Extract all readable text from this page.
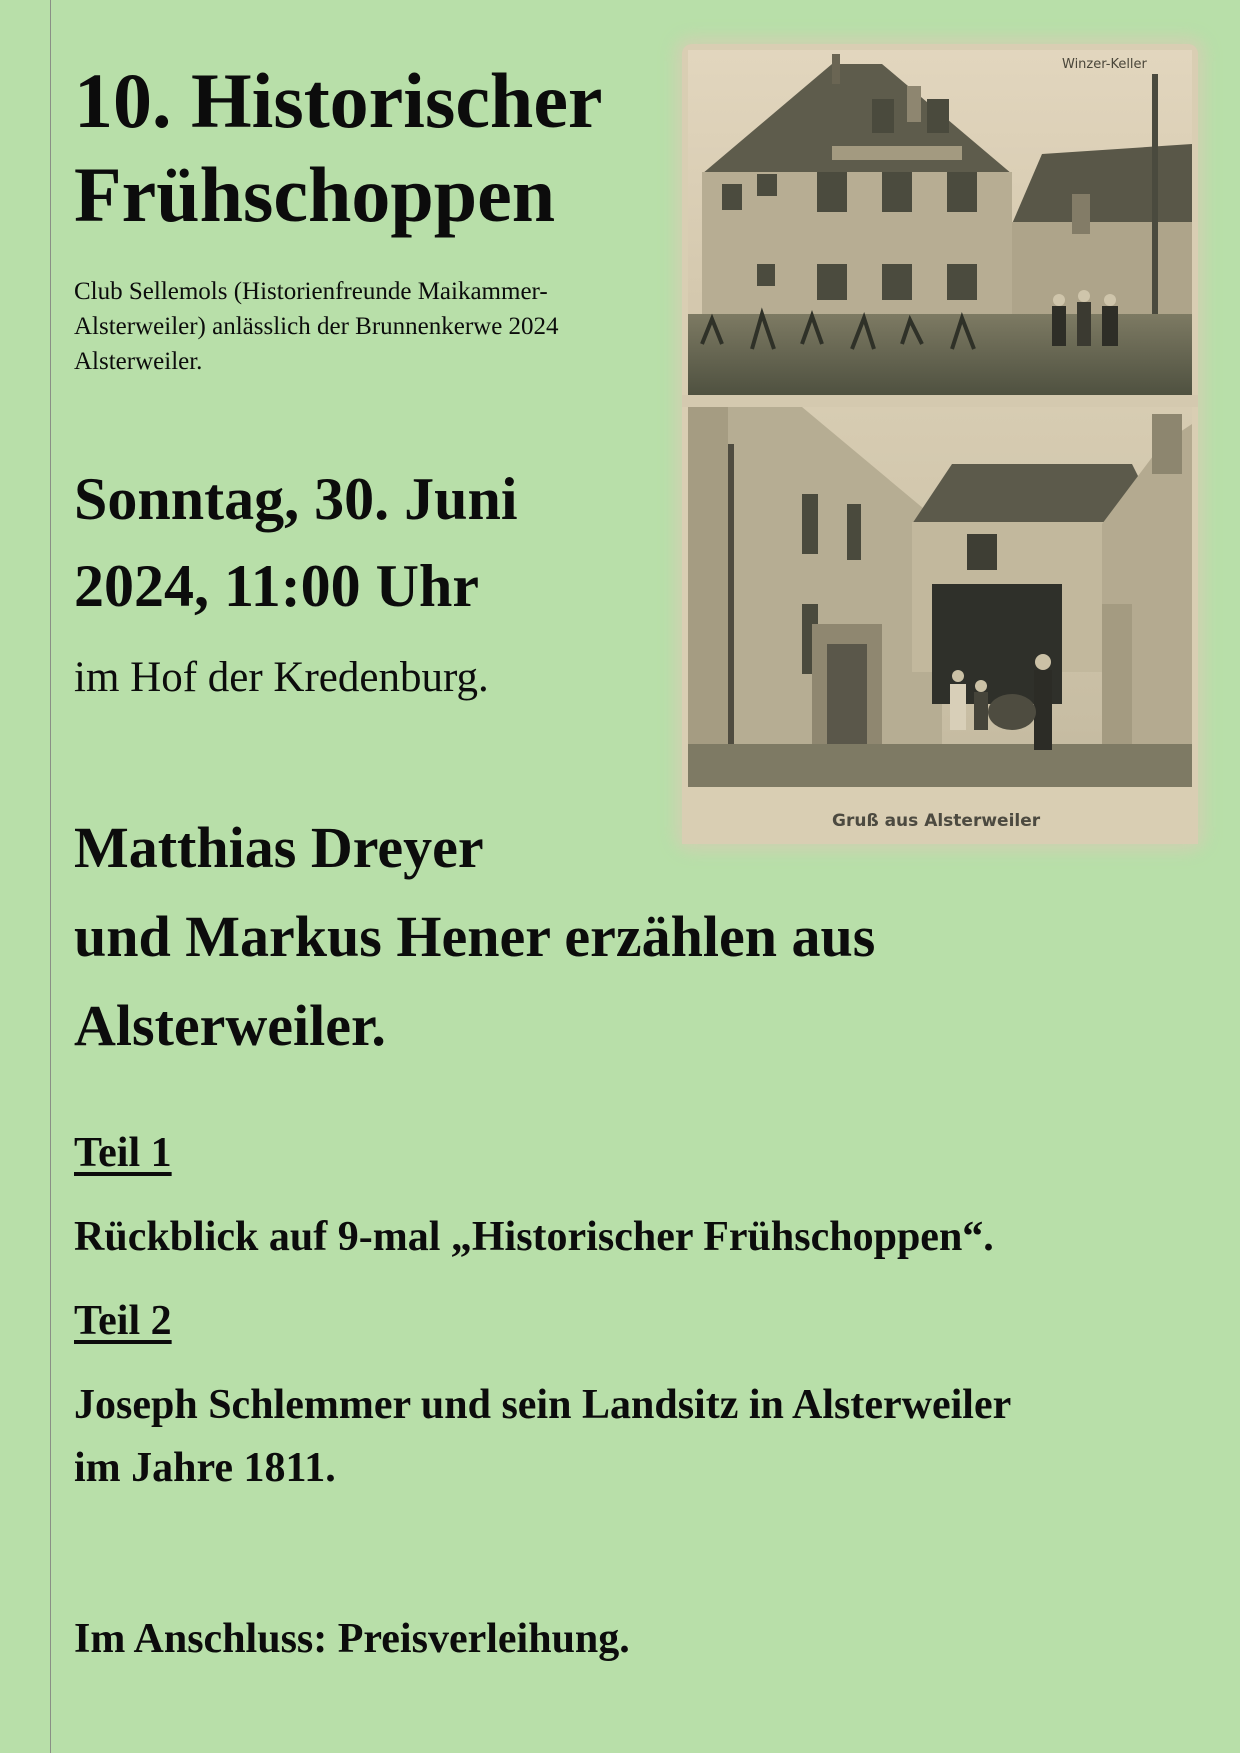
10. Historischer
Frühschoppen

Club Sellemols (Historienfreunde Maikammer-Alsterweiler) anlässlich der Brunnenkerwe 2024 Alsterweiler.

Sonntag, 30. Juni
2024, 11:00 Uhr

im Hof der Kredenburg.

Winzer-Keller
Gruß aus Alsterweiler
Matthias Dreyer
und Markus Hener erzählen aus
Alsterweiler.
Teil 1
Rückblick auf 9-mal „Historischer Frühschoppen“.
Teil 2
Joseph Schlemmer und sein Landsitz in Alsterweiler
im Jahre 1811.
Im Anschluss: Preisverleihung.
